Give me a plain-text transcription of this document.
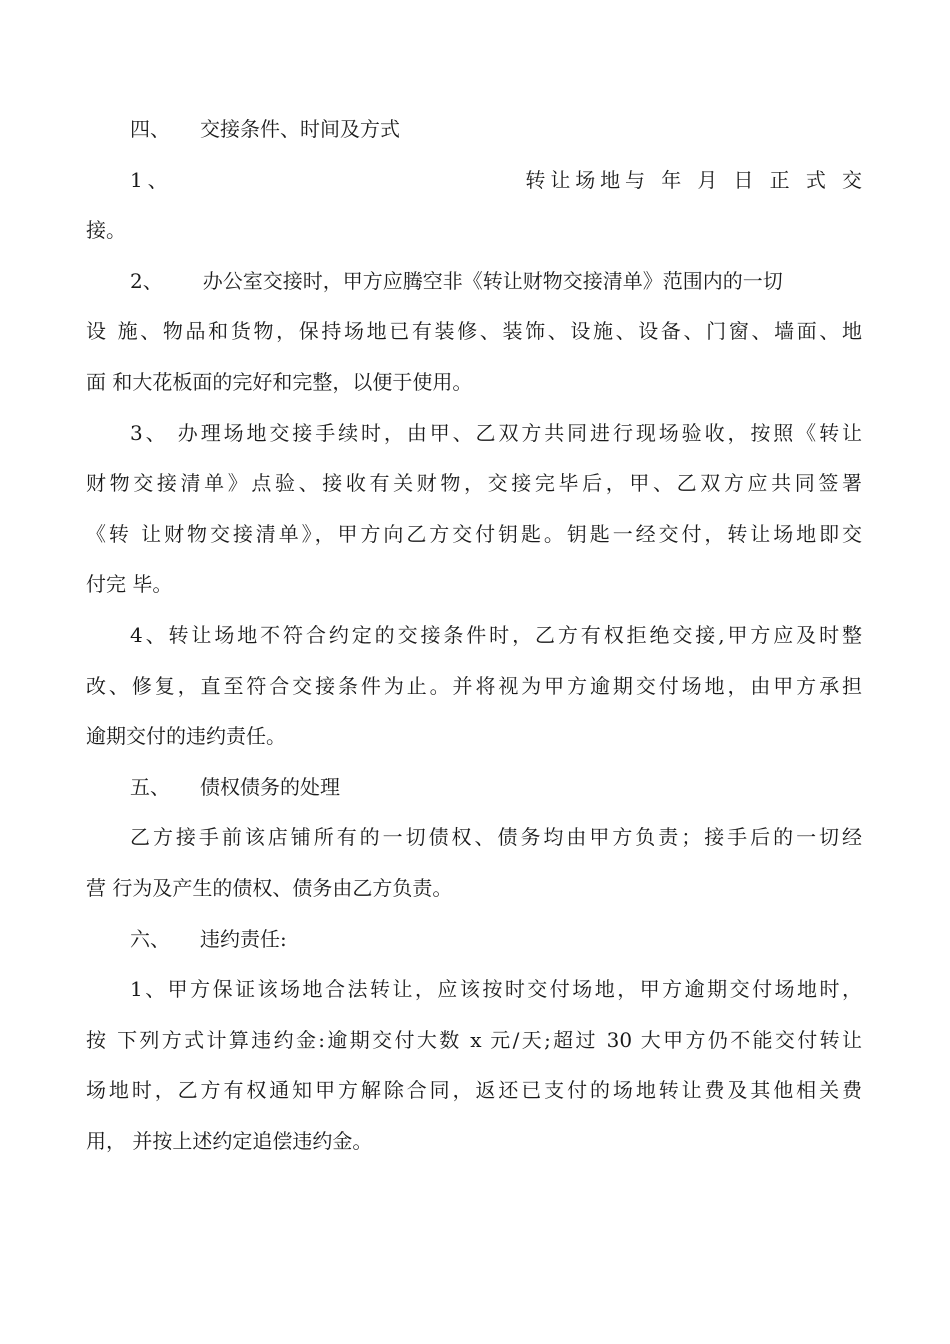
四、 交接条件、时间及方式
1、	转让场地与 年 月 日 正 式 交
接。
2、 办公室交接时，甲方应腾空非《转让财物交接清单》范围内的一切
设 施、物品和货物，保持场地已有装修、装饰、设施、设备、门窗、墙面、地
面 和大花板面的完好和完整，以便于使用。
3、 办理场地交接手续时，由甲、乙双方共同进行现场验收，按照《转让
财物交接清单》点验、接收有关财物，交接完毕后，甲、乙双方应共同签署
《转 让财物交接清单》，甲方向乙方交付钥匙。钥匙一经交付，转让场地即交
付完 毕。
4、转让场地不符合约定的交接条件时，乙方有权拒绝交接,甲方应及时整
改、修复，直至符合交接条件为止。并将视为甲方逾期交付场地，由甲方承担
逾期交付的违约责任。
五、 债权债务的处理
乙方接手前该店铺所有的一切债权、债务均由甲方负责；接手后的一切经
营 行为及产生的债权、债务由乙方负责。
六、 违约责任:
1、甲方保证该场地合法转让，应该按时交付场地，甲方逾期交付场地时，
按 下列方式计算违约金:逾期交付大数 x 元/天;超过 30 大甲方仍不能交付转让
场地时，乙方有权通知甲方解除合同，返还已支付的场地转让费及其他相关费
用， 并按上述约定追偿违约金。
